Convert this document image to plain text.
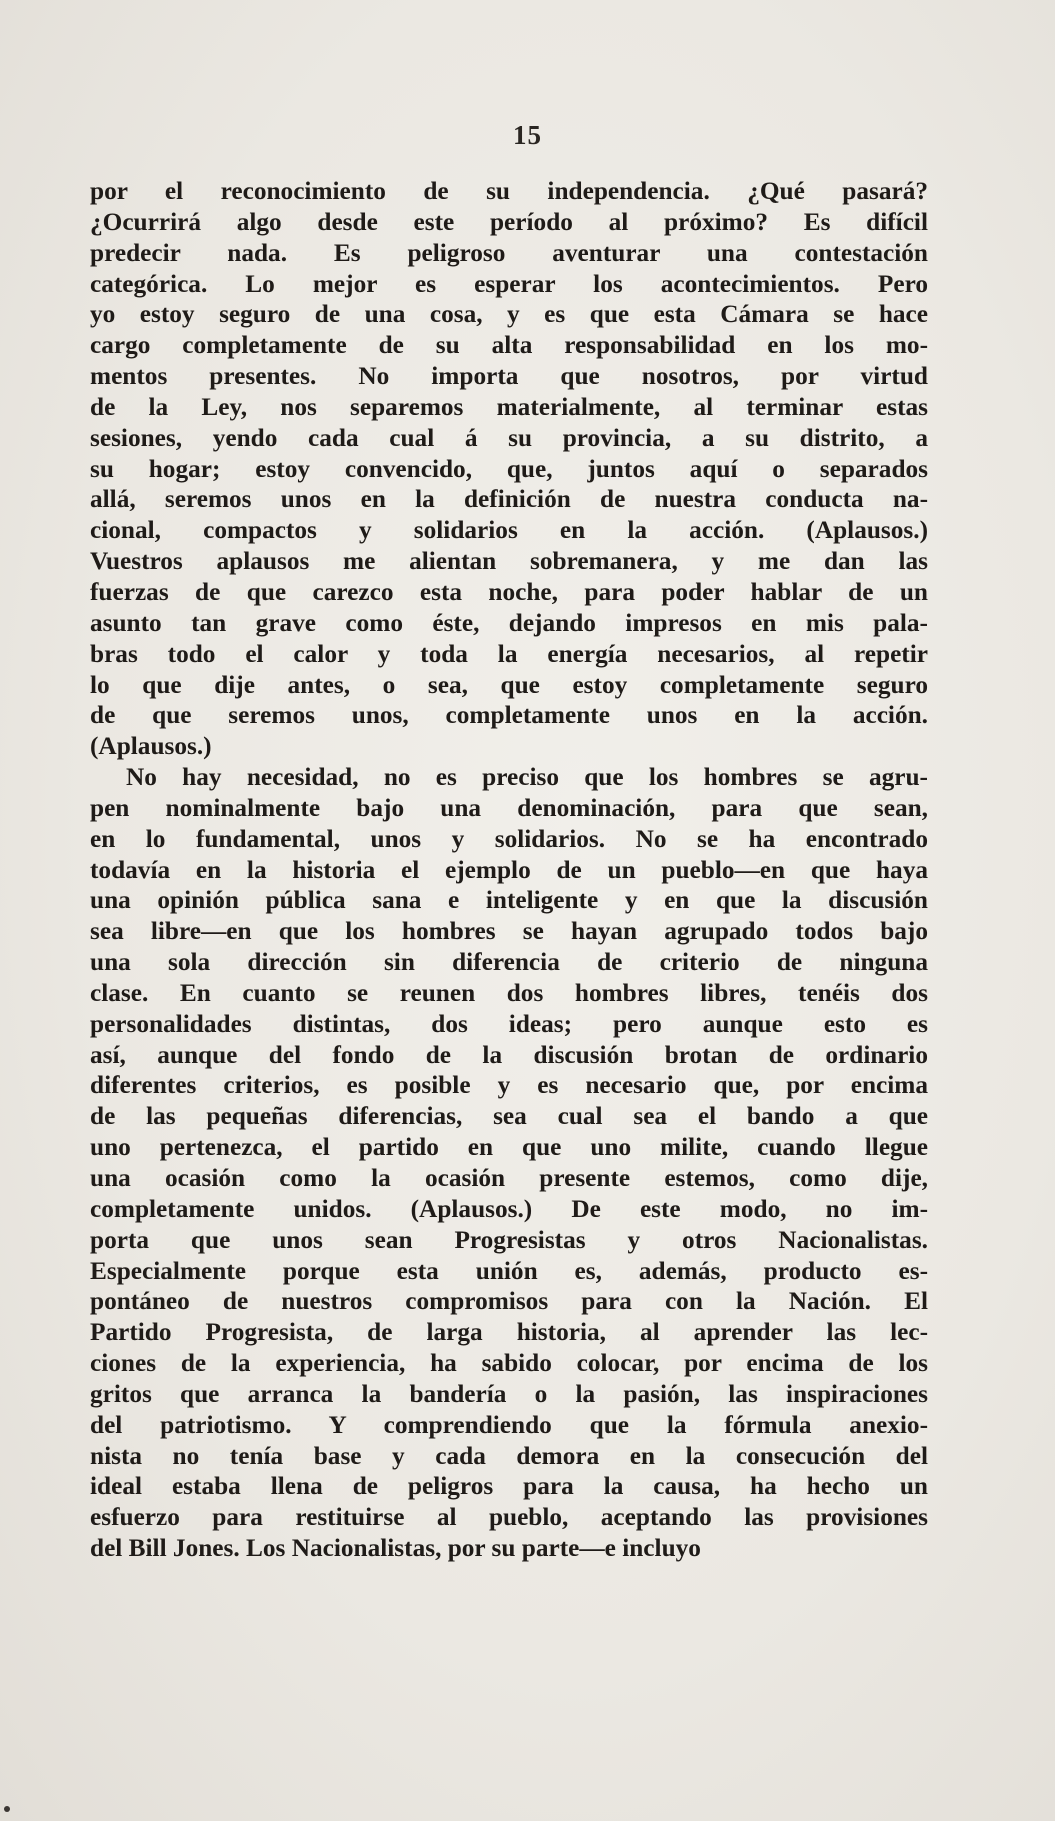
15
por el reconocimiento de su independencia. ¿Qué pasará?
¿Ocurrirá algo desde este período al próximo? Es difícil
predecir nada. Es peligroso aventurar una contestación
categórica. Lo mejor es esperar los acontecimientos. Pero
yo estoy seguro de una cosa, y es que esta Cámara se hace
cargo completamente de su alta responsabilidad en los mo-
mentos presentes. No importa que nosotros, por virtud
de la Ley, nos separemos materialmente, al terminar estas
sesiones, yendo cada cual á su provincia, a su distrito, a
su hogar; estoy convencido, que, juntos aquí o separados
allá, seremos unos en la definición de nuestra conducta na-
cional, compactos y solidarios en la acción. (Aplausos.)
Vuestros aplausos me alientan sobremanera, y me dan las
fuerzas de que carezco esta noche, para poder hablar de un
asunto tan grave como éste, dejando impresos en mis pala-
bras todo el calor y toda la energía necesarios, al repetir
lo que dije antes, o sea, que estoy completamente seguro
de que seremos unos, completamente unos en la acción.
(Aplausos.)
No hay necesidad, no es preciso que los hombres se agru-
pen nominalmente bajo una denominación, para que sean,
en lo fundamental, unos y solidarios. No se ha encontrado
todavía en la historia el ejemplo de un pueblo—en que haya
una opinión pública sana e inteligente y en que la discusión
sea libre—en que los hombres se hayan agrupado todos bajo
una sola dirección sin diferencia de criterio de ninguna
clase. En cuanto se reunen dos hombres libres, tenéis dos
personalidades distintas, dos ideas; pero aunque esto es
así, aunque del fondo de la discusión brotan de ordinario
diferentes criterios, es posible y es necesario que, por encima
de las pequeñas diferencias, sea cual sea el bando a que
uno pertenezca, el partido en que uno milite, cuando llegue
una ocasión como la ocasión presente estemos, como dije,
completamente unidos. (Aplausos.) De este modo, no im-
porta que unos sean Progresistas y otros Nacionalistas.
Especialmente porque esta unión es, además, producto es-
pontáneo de nuestros compromisos para con la Nación. El
Partido Progresista, de larga historia, al aprender las lec-
ciones de la experiencia, ha sabido colocar, por encima de los
gritos que arranca la bandería o la pasión, las inspiraciones
del patriotismo. Y comprendiendo que la fórmula anexio-
nista no tenía base y cada demora en la consecución del
ideal estaba llena de peligros para la causa, ha hecho un
esfuerzo para restituirse al pueblo, aceptando las provisiones
del Bill Jones. Los Nacionalistas, por su parte—e incluyo
